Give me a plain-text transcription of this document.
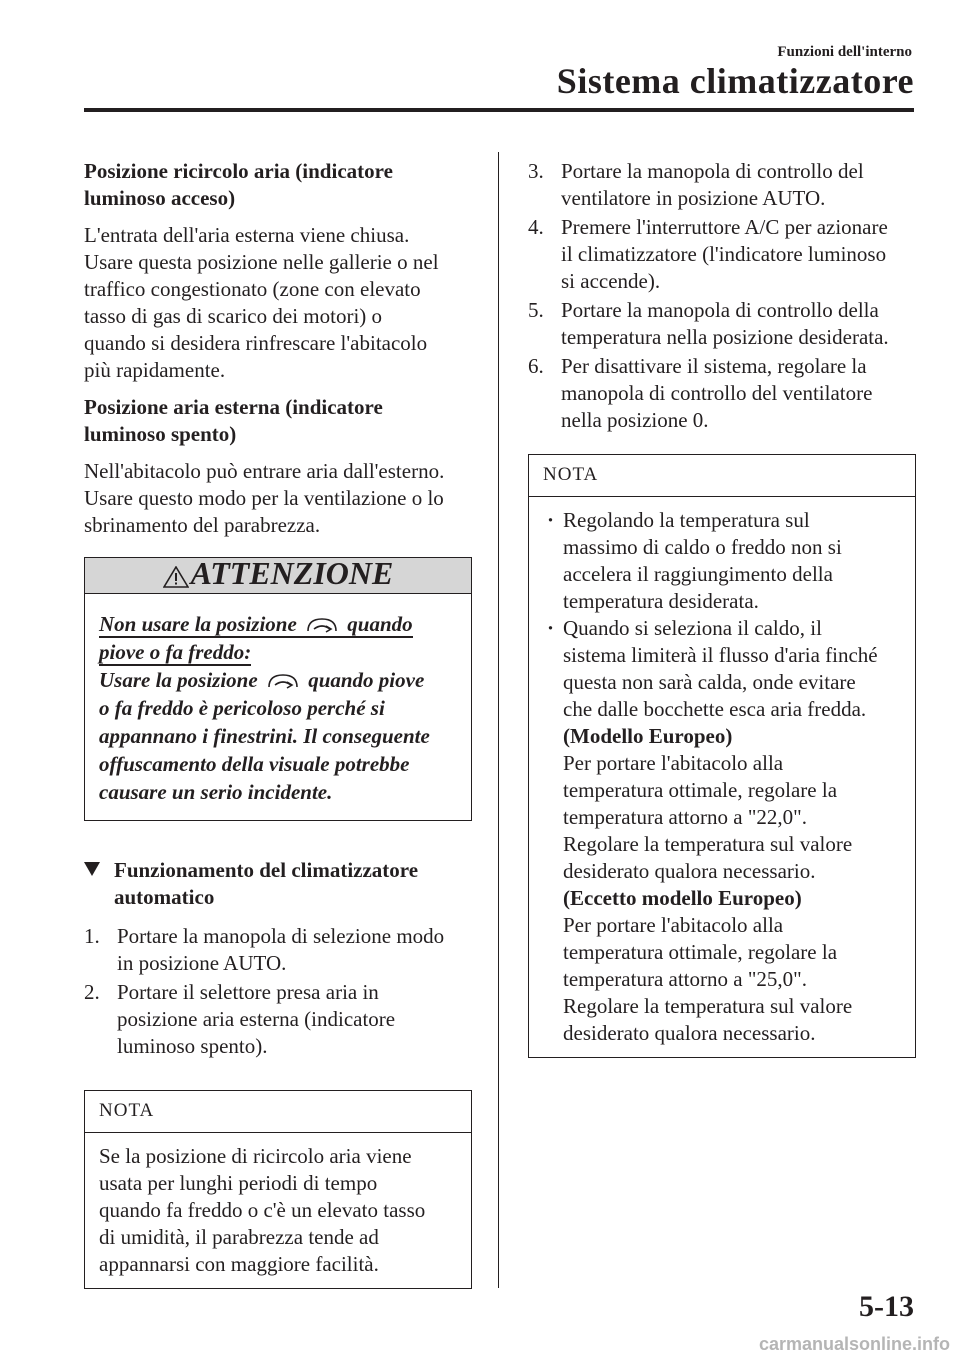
Funzioni dell'interno
Sistema climatizzatore
Posizione ricircolo aria (indicatore
luminoso acceso)
L'entrata dell'aria esterna viene chiusa.
Usare questa posizione nelle gallerie o nel
traffico congestionato (zone con elevato
tasso di gas di scarico dei motori) o
quando si desidera rinfrescare l'abitacolo
più rapidamente.
Posizione aria esterna (indicatore
luminoso spento)
Nell'abitacolo può entrare aria dall'esterno.
Usare questo modo per la ventilazione o lo
sbrinamento del parabrezza.
ATTENZIONE
Non usare la posizione quando
piove o fa freddo:
Usare la posizione quando piove
o fa freddo è pericoloso perché si
appannano i finestrini. Il conseguente
offuscamento della visuale potrebbe
causare un serio incidente.
Funzionamento del climatizzatore
automatico
1. Portare la manopola di selezione modo
in posizione AUTO.
2. Portare il selettore presa aria in
posizione aria esterna (indicatore
luminoso spento).
NOTA
Se la posizione di ricircolo aria viene
usata per lunghi periodi di tempo
quando fa freddo o c'è un elevato tasso
di umidità, il parabrezza tende ad
appannarsi con maggiore facilità.
3. Portare la manopola di controllo del
ventilatore in posizione AUTO.
4. Premere l'interruttore A/C per azionare
il climatizzatore (l'indicatore luminoso
si accende).
5. Portare la manopola di controllo della
temperatura nella posizione desiderata.
6. Per disattivare il sistema, regolare la
manopola di controllo del ventilatore
nella posizione 0.
NOTA
· Regolando la temperatura sul
massimo di caldo o freddo non si
accelera il raggiungimento della
temperatura desiderata.
· Quando si seleziona il caldo, il
sistema limiterà il flusso d'aria finché
questa non sarà calda, onde evitare
che dalle bocchette esca aria fredda.
(Modello Europeo)
Per portare l'abitacolo alla
temperatura ottimale, regolare la
temperatura attorno a "22,0".
Regolare la temperatura sul valore
desiderato qualora necessario.
(Eccetto modello Europeo)
Per portare l'abitacolo alla
temperatura ottimale, regolare la
temperatura attorno a "25,0".
Regolare la temperatura sul valore
desiderato qualora necessario.
5-13
carmanualsonline.info
